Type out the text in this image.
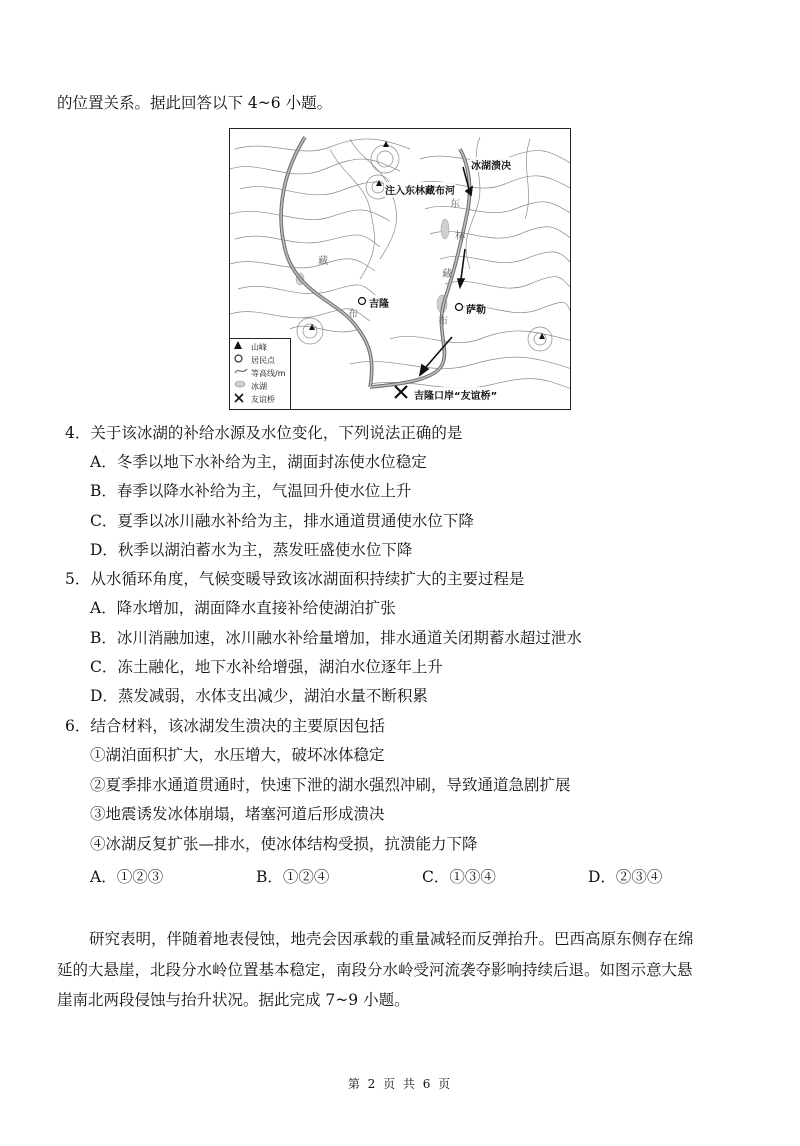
的位置关系。据此回答以下 4~6 小题。
藏
布
东
林
藏
布
冰湖溃决
注入东林藏布河
吉隆
萨勒
吉隆口岸“友谊桥”
山峰
居民点
等高线/m
冰湖
友谊桥
4．关于该冰湖的补给水源及水位变化，下列说法正确的是
A．冬季以地下水补给为主，湖面封冻使水位稳定
B．春季以降水补给为主，气温回升使水位上升
C．夏季以冰川融水补给为主，排水通道贯通使水位下降
D．秋季以湖泊蓄水为主，蒸发旺盛使水位下降
5．从水循环角度，气候变暖导致该冰湖面积持续扩大的主要过程是
A．降水增加，湖面降水直接补给使湖泊扩张
B．冰川消融加速，冰川融水补给量增加，排水通道关闭期蓄水超过泄水
C．冻土融化，地下水补给增强，湖泊水位逐年上升
D．蒸发减弱，水体支出减少，湖泊水量不断积累
6．结合材料，该冰湖发生溃决的主要原因包括
①湖泊面积扩大，水压增大，破坏冰体稳定
②夏季排水通道贯通时，快速下泄的湖水强烈冲刷，导致通道急剧扩展
③地震诱发冰体崩塌，堵塞河道后形成溃决
④冰湖反复扩张—排水，使冰体结构受损，抗溃能力下降
A．①②③	B．①②④	C．①③④	D．②③④
研究表明，伴随着地表侵蚀，地壳会因承载的重量减轻而反弹抬升。巴西高原东侧存在绵
延的大悬崖，北段分水岭位置基本稳定，南段分水岭受河流袭夺影响持续后退。如图示意大悬
崖南北两段侵蚀与抬升状况。据此完成 7~9 小题。
第 2 页 共 6 页
